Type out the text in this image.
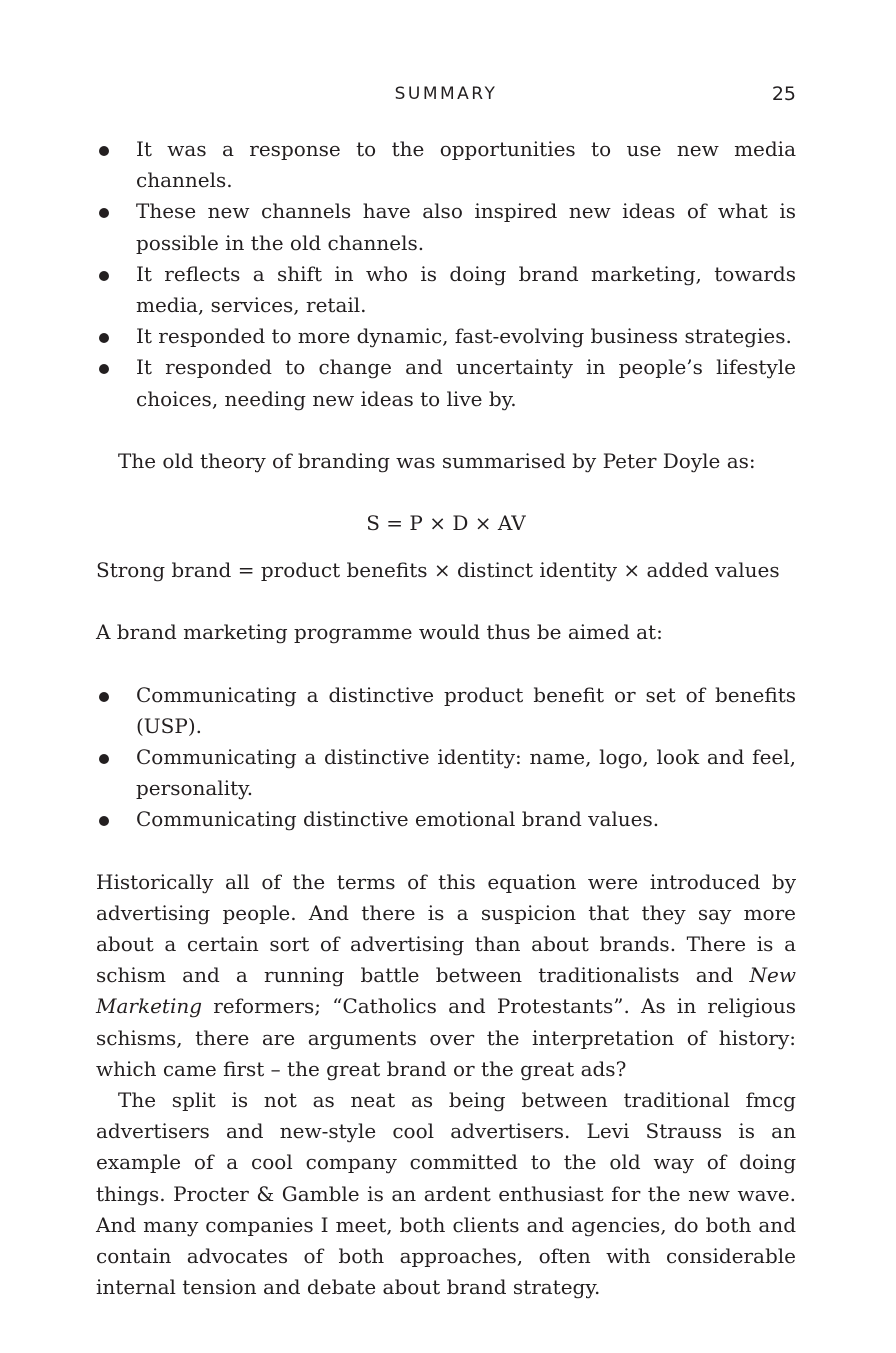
SUMMARY	25
It was a response to the opportunities to use new media channels.
These new channels have also inspired new ideas of what is possible in the old channels.
It reflects a shift in who is doing brand marketing, towards media, services, retail.
It responded to more dynamic, fast-evolving business strategies.
It responded to change and uncertainty in people’s lifestyle choices, needing new ideas to live by.

The old theory of branding was summarised by Peter Doyle as:

S = P × D × AV

Strong brand = product benefits × distinct identity × added values

A brand marketing programme would thus be aimed at:

Communicating a distinctive product benefit or set of benefits (USP).
Communicating a distinctive identity: name, logo, look and feel, personality.
Communicating distinctive emotional brand values.

Historically all of the terms of this equation were introduced by advertising people. And there is a suspicion that they say more about a certain sort of advertising than about brands. There is a schism and a running battle between traditionalists and New Marketing reformers; “Catholics and Protestants”. As in religious schisms, there are arguments over the interpretation of history: which came first – the great brand or the great ads?

The split is not as neat as being between traditional fmcg advertisers and new-style cool advertisers. Levi Strauss is an example of a cool company committed to the old way of doing things. Procter & Gamble is an ardent enthusiast for the new wave. And many companies I meet, both clients and agencies, do both and contain advocates of both approaches, often with considerable internal tension and debate about brand strategy.
